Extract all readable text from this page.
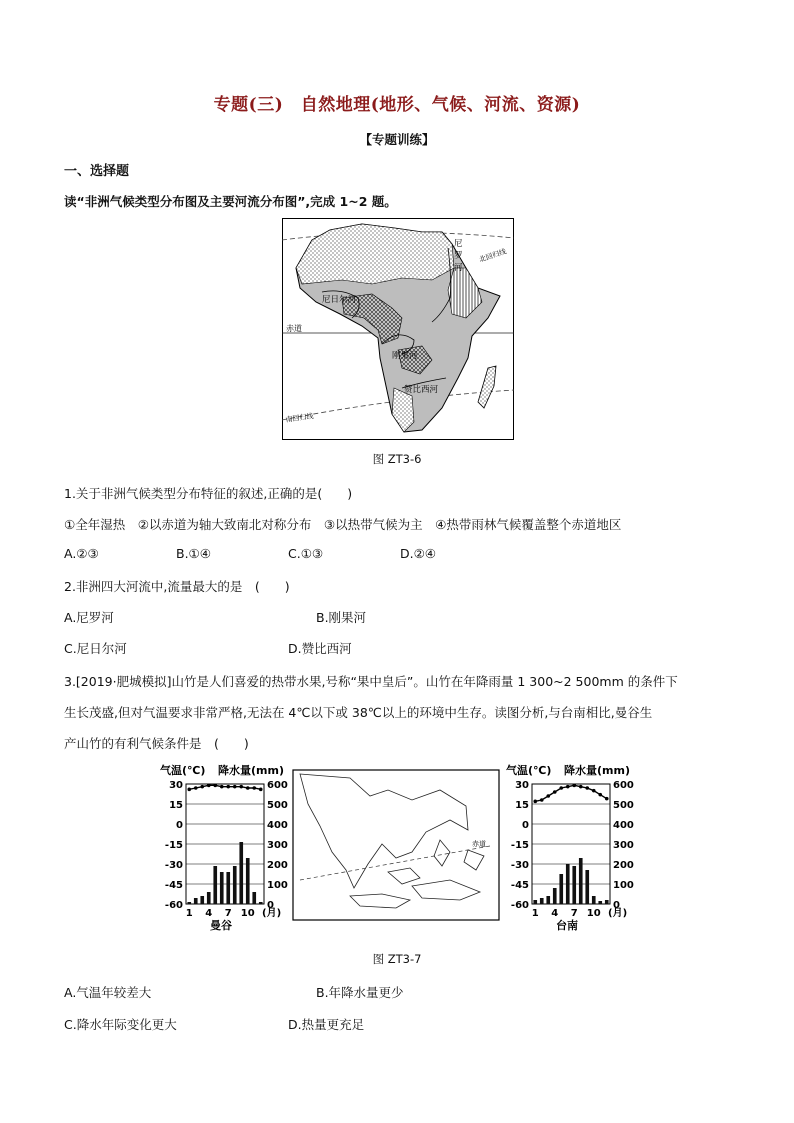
专题(三)　自然地理(地形、气候、河流、资源)
【专题训练】
一、选择题
读“非洲气候类型分布图及主要河流分布图”,完成 1~2 题。
尼
罗
河
北回归线
尼日尔河
赤道
刚果河
赞比西河
南回归线
图 ZT3-6
1.关于非洲气候类型分布特征的叙述,正确的是(　　)
①全年湿热　②以赤道为轴大致南北对称分布　③以热带气候为主　④热带雨林气候覆盖整个赤道地区
A.②③	B.①④	C.①③	D.②④
2.非洲四大河流中,流量最大的是　(　　)
A.尼罗河	B.刚果河
C.尼日尔河	D.赞比西河
3.[2019·肥城模拟]山竹是人们喜爱的热带水果,号称“果中皇后”。山竹在年降雨量 1 300~2 500mm 的条件下
生长茂盛,但对气温要求非常严格,无法在 4℃以下或 38℃以上的环境中生存。读图分析,与台南相比,曼谷生
产山竹的有利气候条件是　(　　)
气温(℃) 降水量(mm)
30	600
15	500
0	400
-15	300
-30	200
-45	100
-60	0
1 4 7 10 (月)
曼谷
赤道
气温(℃) 降水量(mm)
30	600
15	500
0	400
-15	300
-30	200
-45	100
-60	0
1 4 7 10 (月)
台南
图 ZT3-7
A.气温年较差大	B.年降水量更少
C.降水年际变化更大	D.热量更充足
